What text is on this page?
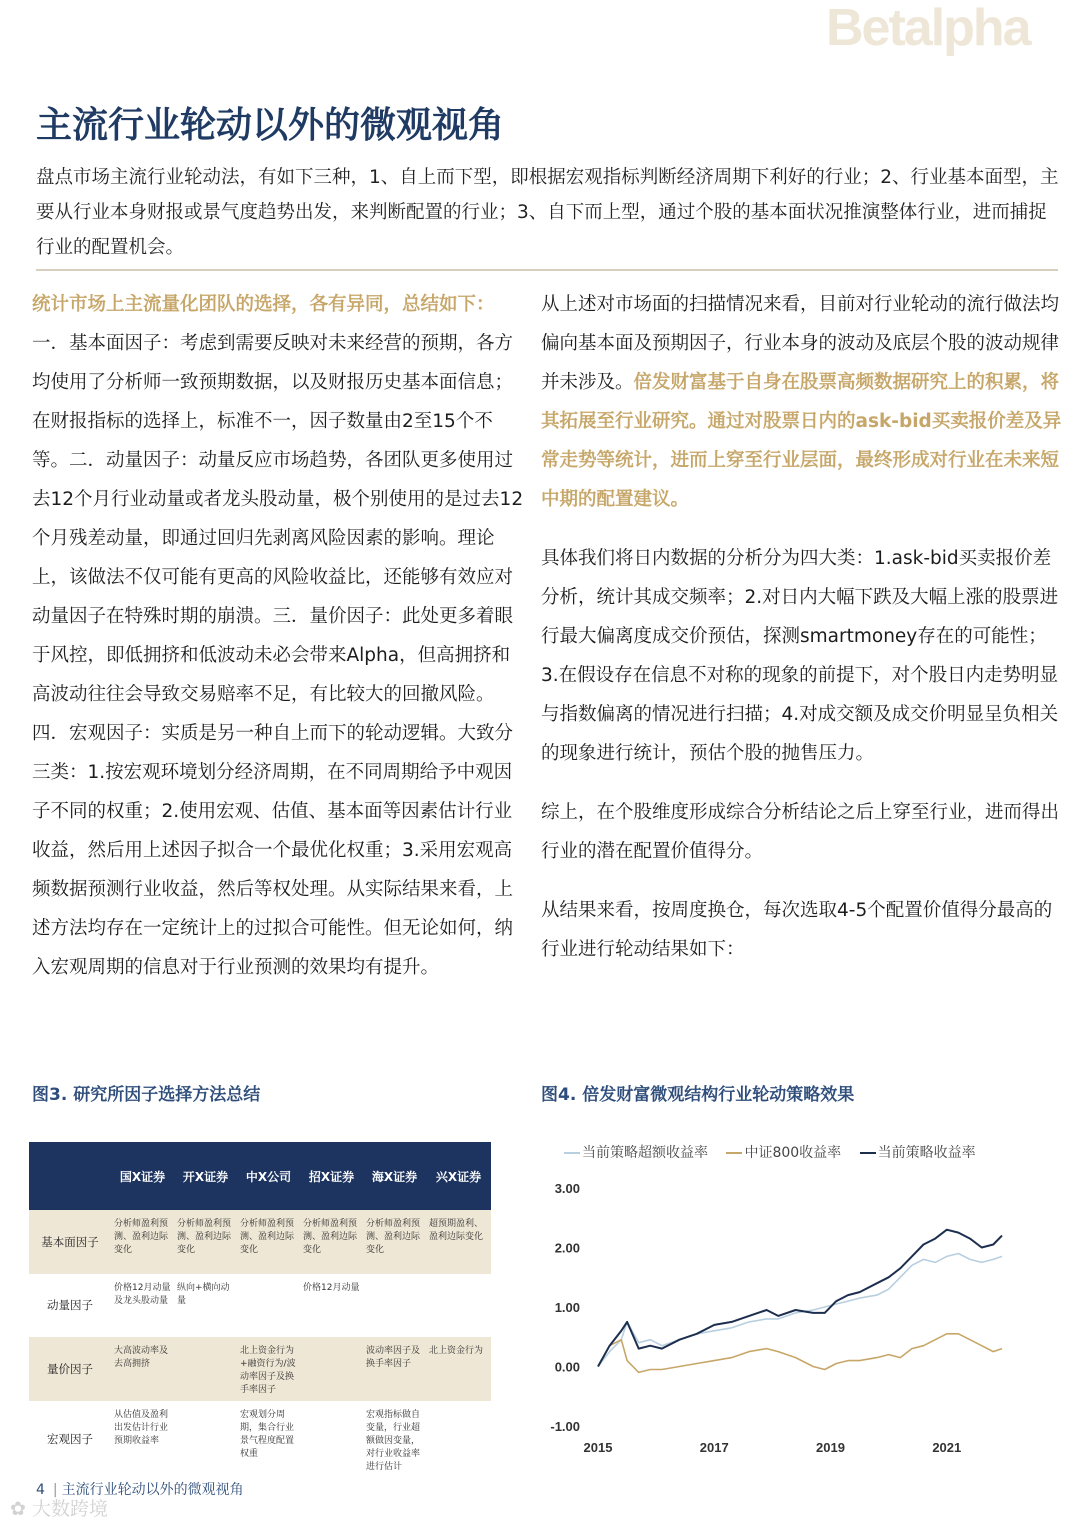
Betalpha
主流行业轮动以外的微观视角

盘点市场主流行业轮动法，有如下三种，1、自上而下型，即根据宏观指标判断经济周期下利好的行业；2、行业基本面型，主要从行业本身财报或景气度趋势出发，来判断配置的行业；3、自下而上型，通过个股的基本面状况推演整体行业，进而捕捉行业的配置机会。

统计市场上主流量化团队的选择，各有异同，总结如下：
一．基本面因子：考虑到需要反映对未来经营的预期，各方均使用了分析师一致预期数据，以及财报历史基本面信息；在财报指标的选择上，标准不一，因子数量由2至15个不等。二．动量因子：动量反应市场趋势，各团队更多使用过去12个月行业动量或者龙头股动量，极个别使用的是过去12个月残差动量，即通过回归先剥离风险因素的影响。理论上，该做法不仅可能有更高的风险收益比，还能够有效应对动量因子在特殊时期的崩溃。三．量价因子：此处更多着眼于风控，即低拥挤和低波动未必会带来Alpha，但高拥挤和高波动往往会导致交易赔率不足，有比较大的回撤风险。四．宏观因子：实质是另一种自上而下的轮动逻辑。大致分三类：1.按宏观环境划分经济周期，在不同周期给予中观因子不同的权重；2.使用宏观、估值、基本面等因素估计行业收益，然后用上述因子拟合一个最优化权重；3.采用宏观高频数据预测行业收益，然后等权处理。从实际结果来看，上述方法均存在一定统计上的过拟合可能性。但无论如何，纳入宏观周期的信息对于行业预测的效果均有提升。

从上述对市场面的扫描情况来看，目前对行业轮动的流行做法均偏向基本面及预期因子，行业本身的波动及底层个股的波动规律并未涉及。倍发财富基于自身在股票高频数据研究上的积累，将其拓展至行业研究。通过对股票日内的ask-bid买卖报价差及异常走势等统计，进而上穿至行业层面，最终形成对行业在未来短中期的配置建议。

具体我们将日内数据的分析分为四大类：1.ask-bid买卖报价差分析，统计其成交频率；2.对日内大幅下跌及大幅上涨的股票进行最大偏离度成交价预估，探测smartmoney存在的可能性；3.在假设存在信息不对称的现象的前提下，对个股日内走势明显与指数偏离的情况进行扫描；4.对成交额及成交价明显呈负相关的现象进行统计，预估个股的抛售压力。

综上，在个股维度形成综合分析结论之后上穿至行业，进而得出行业的潜在配置价值得分。

从结果来看，按周度换仓，每次选取4-5个配置价值得分最高的行业进行轮动结果如下：

图3. 研究所因子选择方法总结	图4. 倍发财富微观结构行业轮动策略效果
	国X证券	开X证券	中X公司	招X证券	海X证券	兴X证券
基本面因子	分析师盈利预测、盈利边际变化	分析师盈利预测、盈利边际变化	分析师盈利预测、盈利边际变化	分析师盈利预测、盈利边际变化	分析师盈利预测、盈利边际变化	超预期盈利、盈利边际变化
动量因子	价格12月动量及龙头股动量	纵向+横向动量		价格12月动量		
量价因子	大高波动率及去高拥挤		北上资金行为+融资行为/波动率因子及换手率因子		波动率因子及换手率因子	北上资金行为
宏观因子	从估值及盈利出发估计行业预期收益率		宏观划分周期，集合行业景气程度配置权重		宏观指标做自变量，行业超额做因变量，对行业收益率进行估计	
当前策略超额收益率	中证800收益率	当前策略收益率
3.00
2.00
1.00
0.00
-1.00
2015	2017	2019	2021
4 | 主流行业轮动以外的微观视角
✿ 大数跨境
